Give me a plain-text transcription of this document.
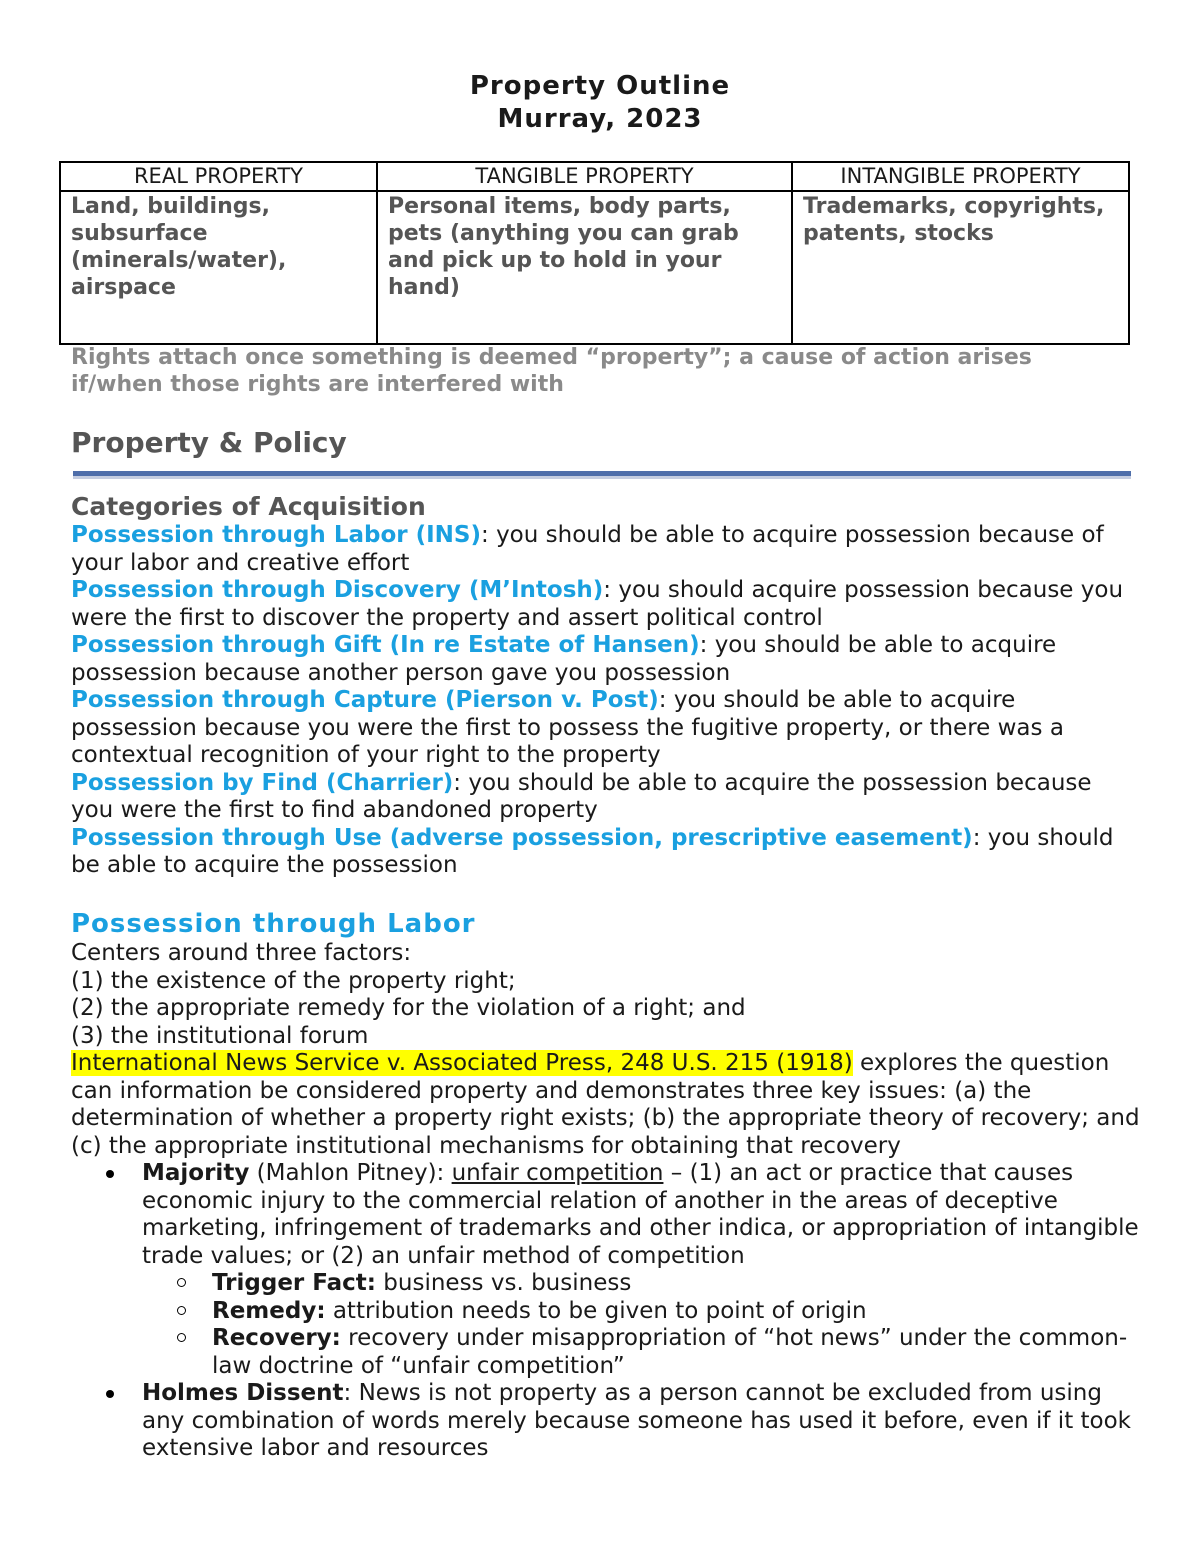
Property Outline
Murray, 2023
REAL PROPERTY	TANGIBLE PROPERTY	INTANGIBLE PROPERTY
Land, buildings, subsurface (minerals/water), airspace	Personal items, body parts, pets (anything you can grab and pick up to hold in your hand)	Trademarks, copyrights, patents, stocks
Rights attach once something is deemed “property”; a cause of action arises if/when those rights are interfered with
Property & Policy
Categories of Acquisition

Possession through Labor (INS): you should be able to acquire possession because of your labor and creative effort

Possession through Discovery (M’Intosh): you should acquire possession because you were the first to discover the property and assert political control

Possession through Gift (In re Estate of Hansen): you should be able to acquire possession because another person gave you possession

Possession through Capture (Pierson v. Post): you should be able to acquire possession because you were the first to possess the fugitive property, or there was a contextual recognition of your right to the property

Possession by Find (Charrier): you should be able to acquire the possession because you were the first to find abandoned property

Possession through Use (adverse possession, prescriptive easement): you should be able to acquire the possession

Possession through Labor

Centers around three factors:

(1) the existence of the property right;

(2) the appropriate remedy for the violation of a right; and

(3) the institutional forum

International News Service v. Associated Press, 248 U.S. 215 (1918) explores the question can information be considered property and demonstrates three key issues: (a) the determination of whether a property right exists; (b) the appropriate theory of recovery; and (c) the appropriate institutional mechanisms for obtaining that recovery

Majority (Mahlon Pitney): unfair competition – (1) an act or practice that causes economic injury to the commercial relation of another in the areas of deceptive marketing, infringement of trademarks and other indica, or appropriation of intangible trade values; or (2) an unfair method of competition
Trigger Fact: business vs. business
Remedy: attribution needs to be given to point of origin
Recovery: recovery under misappropriation of “hot news” under the common-law doctrine of “unfair competition”
Holmes Dissent: News is not property as a person cannot be excluded from using any combination of words merely because someone has used it before, even if it took extensive labor and resources
